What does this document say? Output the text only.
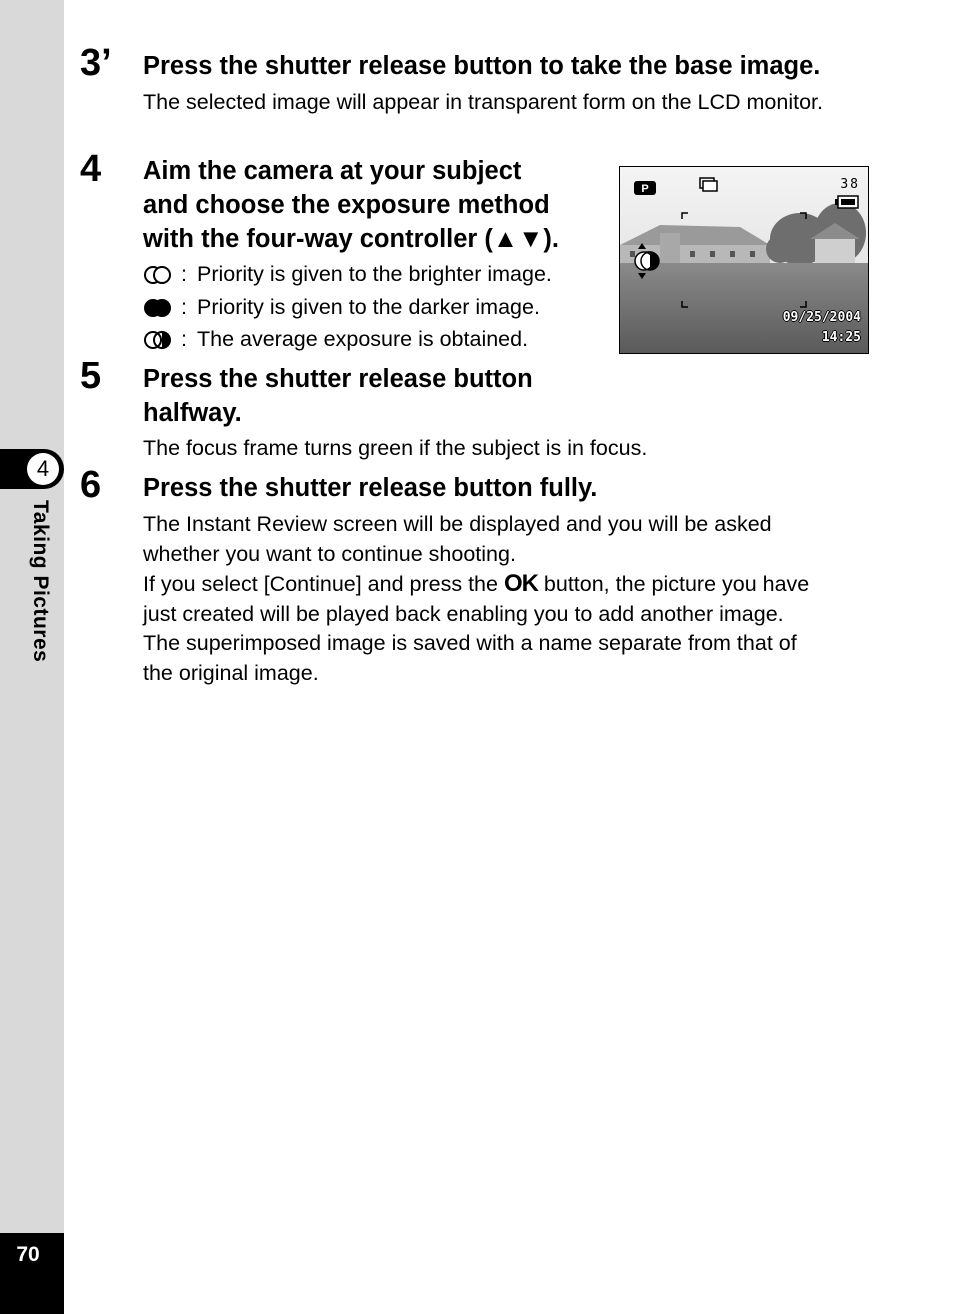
4
Taking Pictures
70
3’ Press the shutter release button to take the base image.

The selected image will appear in transparent form on the LCD monitor.

4 Aim the camera at your subject
and choose the exposure method
with the four-way controller (▲▼).
: Priority is given to the brighter image.
: Priority is given to the darker image.
: The average exposure is obtained.
P	38
09/25/2004
14:25
5 Press the shutter release button
halfway.

The focus frame turns green if the subject is in focus.

6 Press the shutter release button fully.
The Instant Review screen will be displayed and you will be asked
whether you want to continue shooting.
If you select [Continue] and press the OK button, the picture you have
just created will be played back enabling you to add another image.
The superimposed image is saved with a name separate from that of
the original image.
